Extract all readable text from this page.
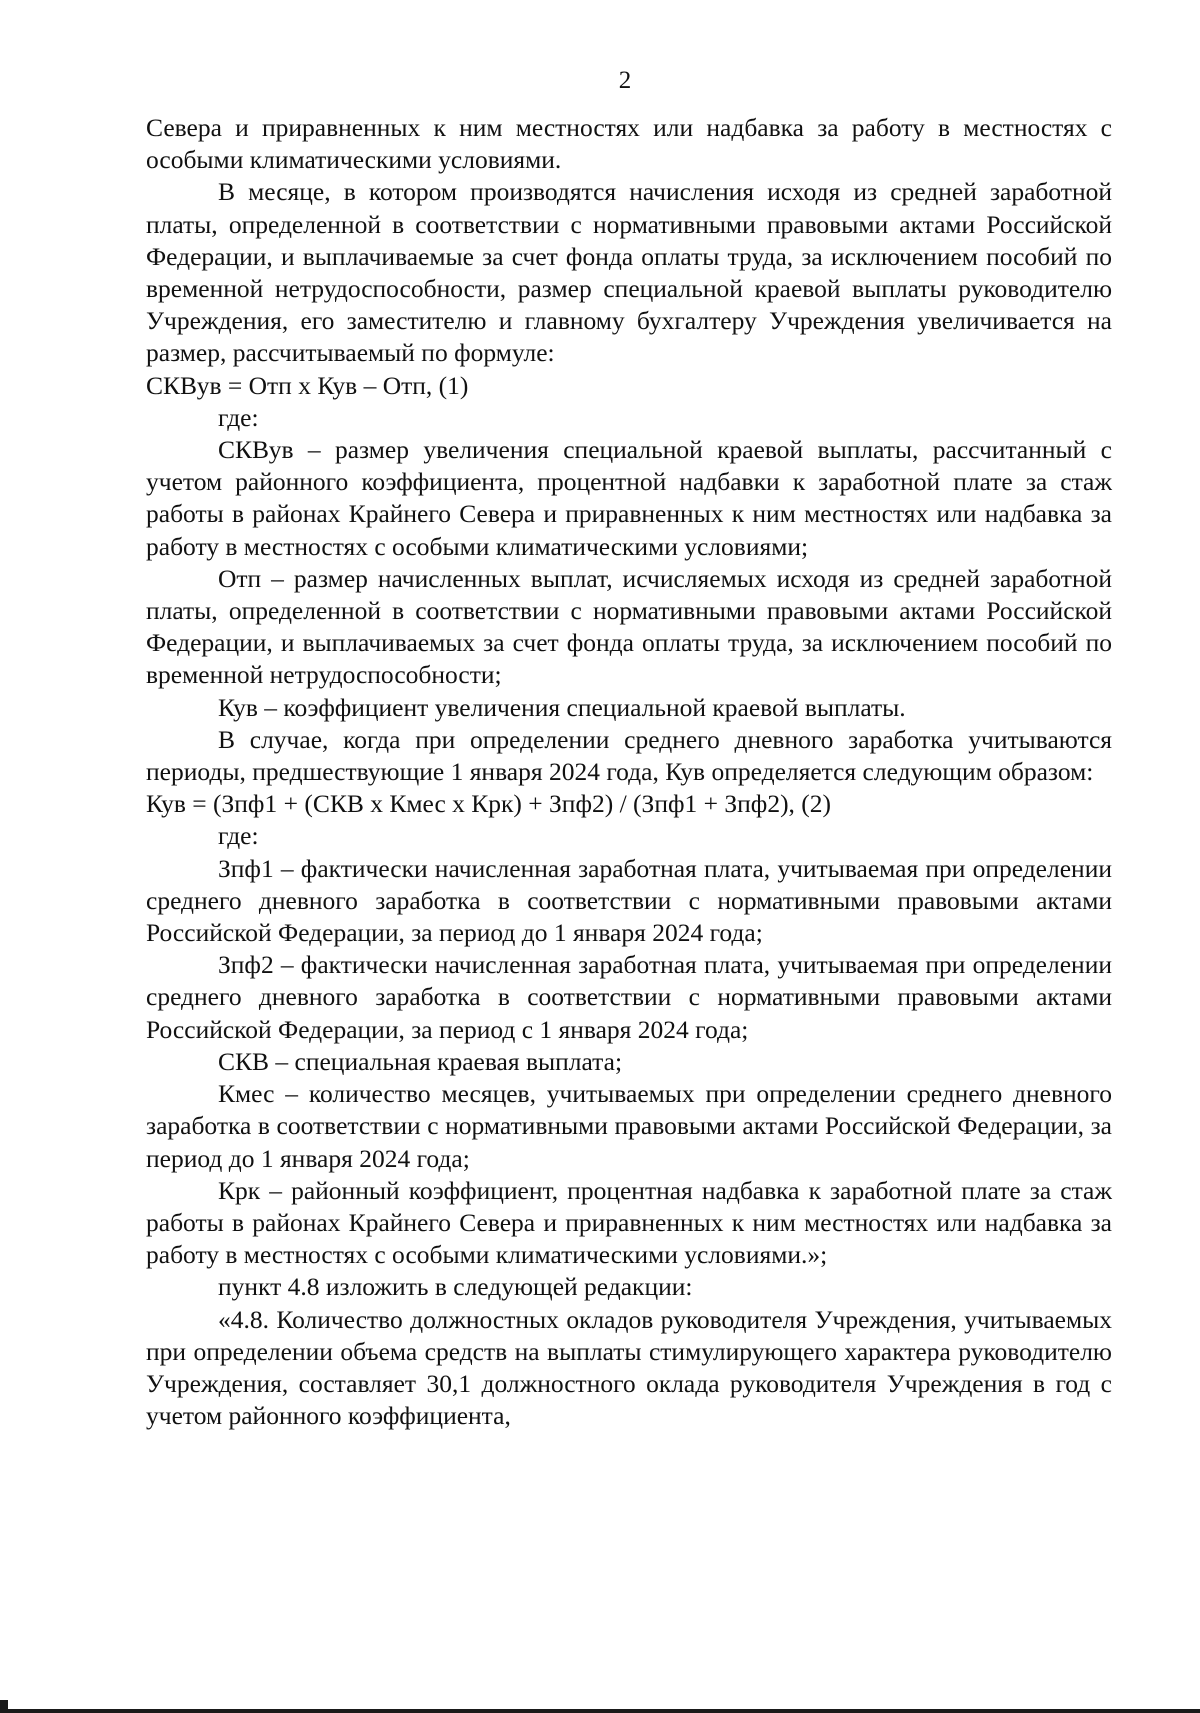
2

Севера и приравненных к ним местностях или надбавка за работу в местностях с особыми климатическими условиями.

В месяце, в котором производятся начисления исходя из средней заработной платы, определенной в соответствии с нормативными правовыми актами Российской Федерации, и выплачиваемые за счет фонда оплаты труда, за исключением пособий по временной нетрудоспособности, размер специальной краевой выплаты руководителю Учреждения, его заместителю и главному бухгалтеру Учреждения увеличивается на размер, рассчитываемый по формуле:

СКВув = Отп х Кув – Отп, (1)

где:

СКВув – размер увеличения специальной краевой выплаты, рассчитанный с учетом районного коэффициента, процентной надбавки к заработной плате за стаж работы в районах Крайнего Севера и приравненных к ним местностях или надбавка за работу в местностях с особыми климатическими условиями;

Отп – размер начисленных выплат, исчисляемых исходя из средней заработной платы, определенной в соответствии с нормативными правовыми актами Российской Федерации, и выплачиваемых за счет фонда оплаты труда, за исключением пособий по временной нетрудоспособности;

Кув – коэффициент увеличения специальной краевой выплаты.

В случае, когда при определении среднего дневного заработка учитываются периоды, предшествующие 1 января 2024 года, Кув определяется следующим образом:

Кув = (Зпф1 + (СКВ х Кмес х Крк) + Зпф2) / (Зпф1 + Зпф2), (2)

где:

Зпф1 – фактически начисленная заработная плата, учитываемая при определении среднего дневного заработка в соответствии с нормативными правовыми актами Российской Федерации, за период до 1 января 2024 года;

Зпф2 – фактически начисленная заработная плата, учитываемая при определении среднего дневного заработка в соответствии с нормативными правовыми актами Российской Федерации, за период с 1 января 2024 года;

СКВ – специальная краевая выплата;

Кмес – количество месяцев, учитываемых при определении среднего дневного заработка в соответствии с нормативными правовыми актами Российской Федерации, за период до 1 января 2024 года;

Крк – районный коэффициент, процентная надбавка к заработной плате за стаж работы в районах Крайнего Севера и приравненных к ним местностях или надбавка за работу в местностях с особыми климатическими условиями.»;

пункт 4.8 изложить в следующей редакции:

«4.8. Количество должностных окладов руководителя Учреждения, учитываемых при определении объема средств на выплаты стимулирующего характера руководителю Учреждения, составляет 30,1 должностного оклада руководителя Учреждения в год с учетом районного коэффициента,
